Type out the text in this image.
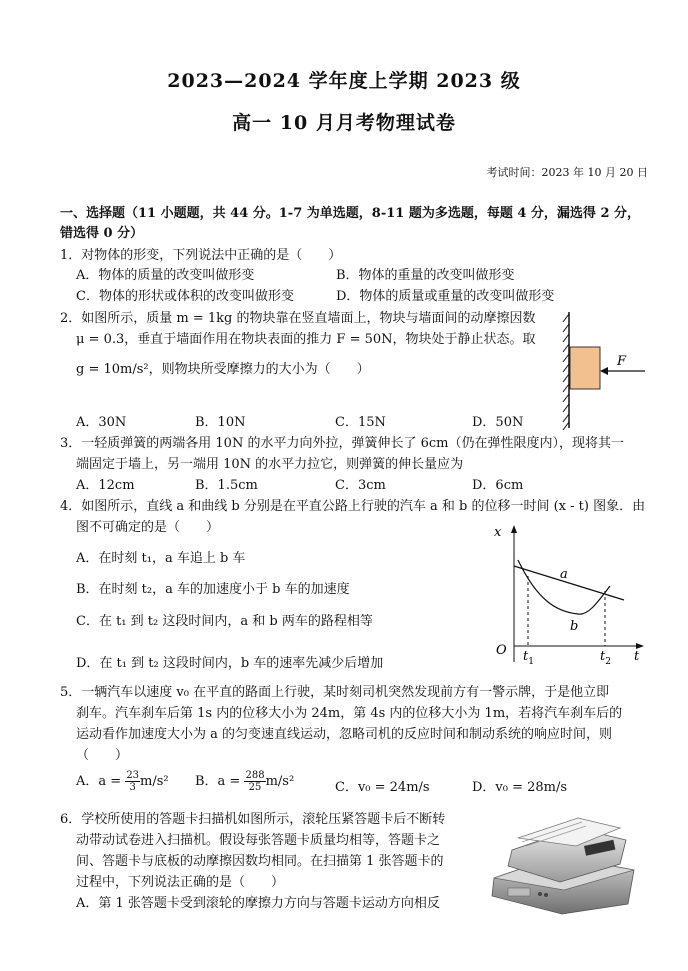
2023—2024 学年度上学期 2023 级
高一 10 月月考物理试卷
考试时间：2023 年 10 月 20 日
一、选择题（11 小题题，共 44 分。1-7 为单选题，8-11 题为多选题，每题 4 分，漏选得 2 分，
错选得 0 分）
1．对物体的形变，下列说法中正确的是（　　）
A．物体的质量的改变叫做形变	B．物体的重量的改变叫做形变
C．物体的形状或体积的改变叫做形变	D．物体的质量或重量的改变叫做形变
2．如图所示，质量 m = 1kg 的物块靠在竖直墙面上，物块与墙面间的动摩擦因数
μ = 0.3，垂直于墙面作用在物块表面的推力 F = 50N，物块处于静止状态。取
g = 10m/s²，则物块所受摩擦力的大小为（　　）
A．30N	B．10N	C．15N	D．50N
F
3．一轻质弹簧的两端各用 10N 的水平力向外拉，弹簧伸长了 6cm（仍在弹性限度内），现将其一
端固定于墙上，另一端用 10N 的水平力拉它，则弹簧的伸长量应为
A．12cm	B．1.5cm	C．3cm	D．6cm
4．如图所示，直线 a 和曲线 b 分别是在平直公路上行驶的汽车 a 和 b 的位移一时间 (x - t) 图象．由
图不可确定的是（　　）
A．在时刻 t₁，a 车追上 b 车
B．在时刻 t₂，a 车的加速度小于 b 车的加速度
C．在 t₁ 到 t₂ 这段时间内，a 和 b 两车的路程相等
D．在 t₁ 到 t₂ 这段时间内，b 车的速率先减少后增加
x
t
O
a
b
$t_1$	$t_2$
5．一辆汽车以速度 v₀ 在平直的路面上行驶，某时刻司机突然发现前方有一警示牌，于是他立即
刹车。汽车刹车后第 1s 内的位移大小为 24m，第 4s 内的位移大小为 1m，若将汽车刹车后的
运动看作加速度大小为 a 的匀变速直线运动，忽略司机的反应时间和制动系统的响应时间，则
（　　）
A．$a = \frac{23}{3} m/s^2$ B．$a = \frac{288}{25} m/s^2$	C．v₀ = 24m/s	D．v₀ = 28m/s
6．学校所使用的答题卡扫描机如图所示，滚轮压紧答题卡后不断转
动带动试卷进入扫描机。假设每张答题卡质量均相等，答题卡之
间、答题卡与底板的动摩擦因数均相同。在扫描第 1 张答题卡的
过程中，下列说法正确的是（　　）
A．第 1 张答题卡受到滚轮的摩擦力方向与答题卡运动方向相反
